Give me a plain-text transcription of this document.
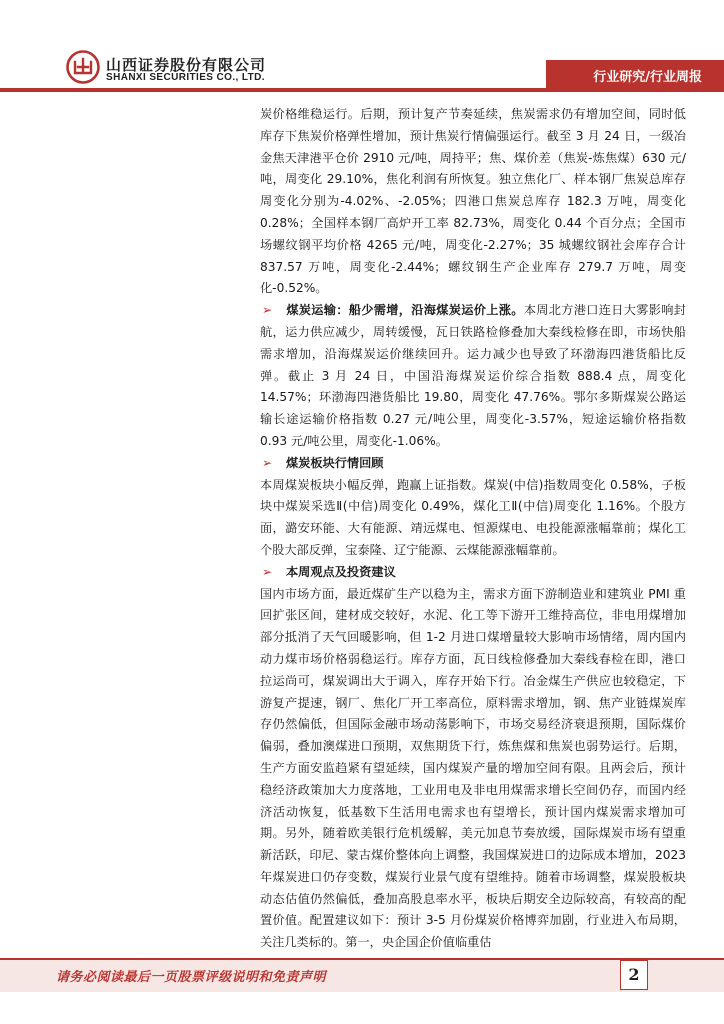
山西证券股份有限公司
SHANXI SECURITIES CO., LTD.	行业研究/行业周报

炭价格维稳运行。后期，预计复产节奏延续，焦炭需求仍有增加空间，同时低库存下焦炭价格弹性增加，预计焦炭行情偏强运行。截至 3 月 24 日，一级冶金焦天津港平仓价 2910 元/吨，周持平；焦、煤价差（焦炭-炼焦煤）630 元/吨，周变化 29.10%，焦化利润有所恢复。独立焦化厂、样本钢厂焦炭总库存周变化分别为-4.02%、-2.05%；四港口焦炭总库存 182.3 万吨，周变化 0.28%；全国样本钢厂高炉开工率 82.73%，周变化 0.44 个百分点；全国市场螺纹钢平均价格 4265 元/吨，周变化-2.27%；35 城螺纹钢社会库存合计 837.57 万吨，周变化-2.44%；螺纹钢生产企业库存 279.7 万吨，周变化-0.52%。

➢ 煤炭运输：船少需增，沿海煤炭运价上涨。本周北方港口连日大雾影响封航，运力供应减少，周转缓慢，瓦日铁路检修叠加大秦线检修在即，市场快船需求增加，沿海煤炭运价继续回升。运力减少也导致了环渤海四港货船比反弹。截止 3 月 24 日，中国沿海煤炭运价综合指数 888.4 点，周变化 14.57%；环渤海四港货船比 19.80，周变化 47.76%。鄂尔多斯煤炭公路运输长途运输价格指数 0.27 元/吨公里，周变化-3.57%，短途运输价格指数 0.93 元/吨公里，周变化-1.06%。

➢	煤炭板块行情回顾

本周煤炭板块小幅反弹，跑赢上证指数。煤炭(中信)指数周变化 0.58%，子板块中煤炭采选Ⅱ(中信)周变化 0.49%，煤化工Ⅱ(中信)周变化 1.16%。个股方面，潞安环能、大有能源、靖远煤电、恒源煤电、电投能源涨幅靠前；煤化工个股大部反弹，宝泰隆、辽宁能源、云煤能源涨幅靠前。

➢	本周观点及投资建议

国内市场方面，最近煤矿生产以稳为主，需求方面下游制造业和建筑业 PMI 重回扩张区间，建材成交较好，水泥、化工等下游开工维持高位，非电用煤增加部分抵消了天气回暖影响，但 1-2 月进口煤增量较大影响市场情绪，周内国内动力煤市场价格弱稳运行。库存方面，瓦日线检修叠加大秦线春检在即，港口拉运尚可，煤炭调出大于调入，库存开始下行。冶金煤生产供应也较稳定，下游复产提速，钢厂、焦化厂开工率高位，原料需求增加，钢、焦产业链煤炭库存仍然偏低，但国际金融市场动荡影响下，市场交易经济衰退预期，国际煤价偏弱，叠加澳煤进口预期，双焦期货下行，炼焦煤和焦炭也弱势运行。后期，生产方面安监趋紧有望延续，国内煤炭产量的增加空间有限。且两会后，预计稳经济政策加大力度落地，工业用电及非电用煤需求增长空间仍存，而国内经济活动恢复，低基数下生活用电需求也有望增长，预计国内煤炭需求增加可期。另外，随着欧美银行危机缓解，美元加息节奏放缓，国际煤炭市场有望重新活跃，印尼、蒙古煤价整体向上调整，我国煤炭进口的边际成本增加，2023 年煤炭进口仍存变数，煤炭行业景气度有望维持。随着市场调整，煤炭股板块动态估值仍然偏低，叠加高股息率水平，板块后期安全边际较高，有较高的配置价值。配置建议如下：预计 3-5 月份煤炭价格博弈加剧，行业进入布局期，关注几类标的。第一，央企国企价值临重估

请务必阅读最后一页股票评级说明和免责声明	2
